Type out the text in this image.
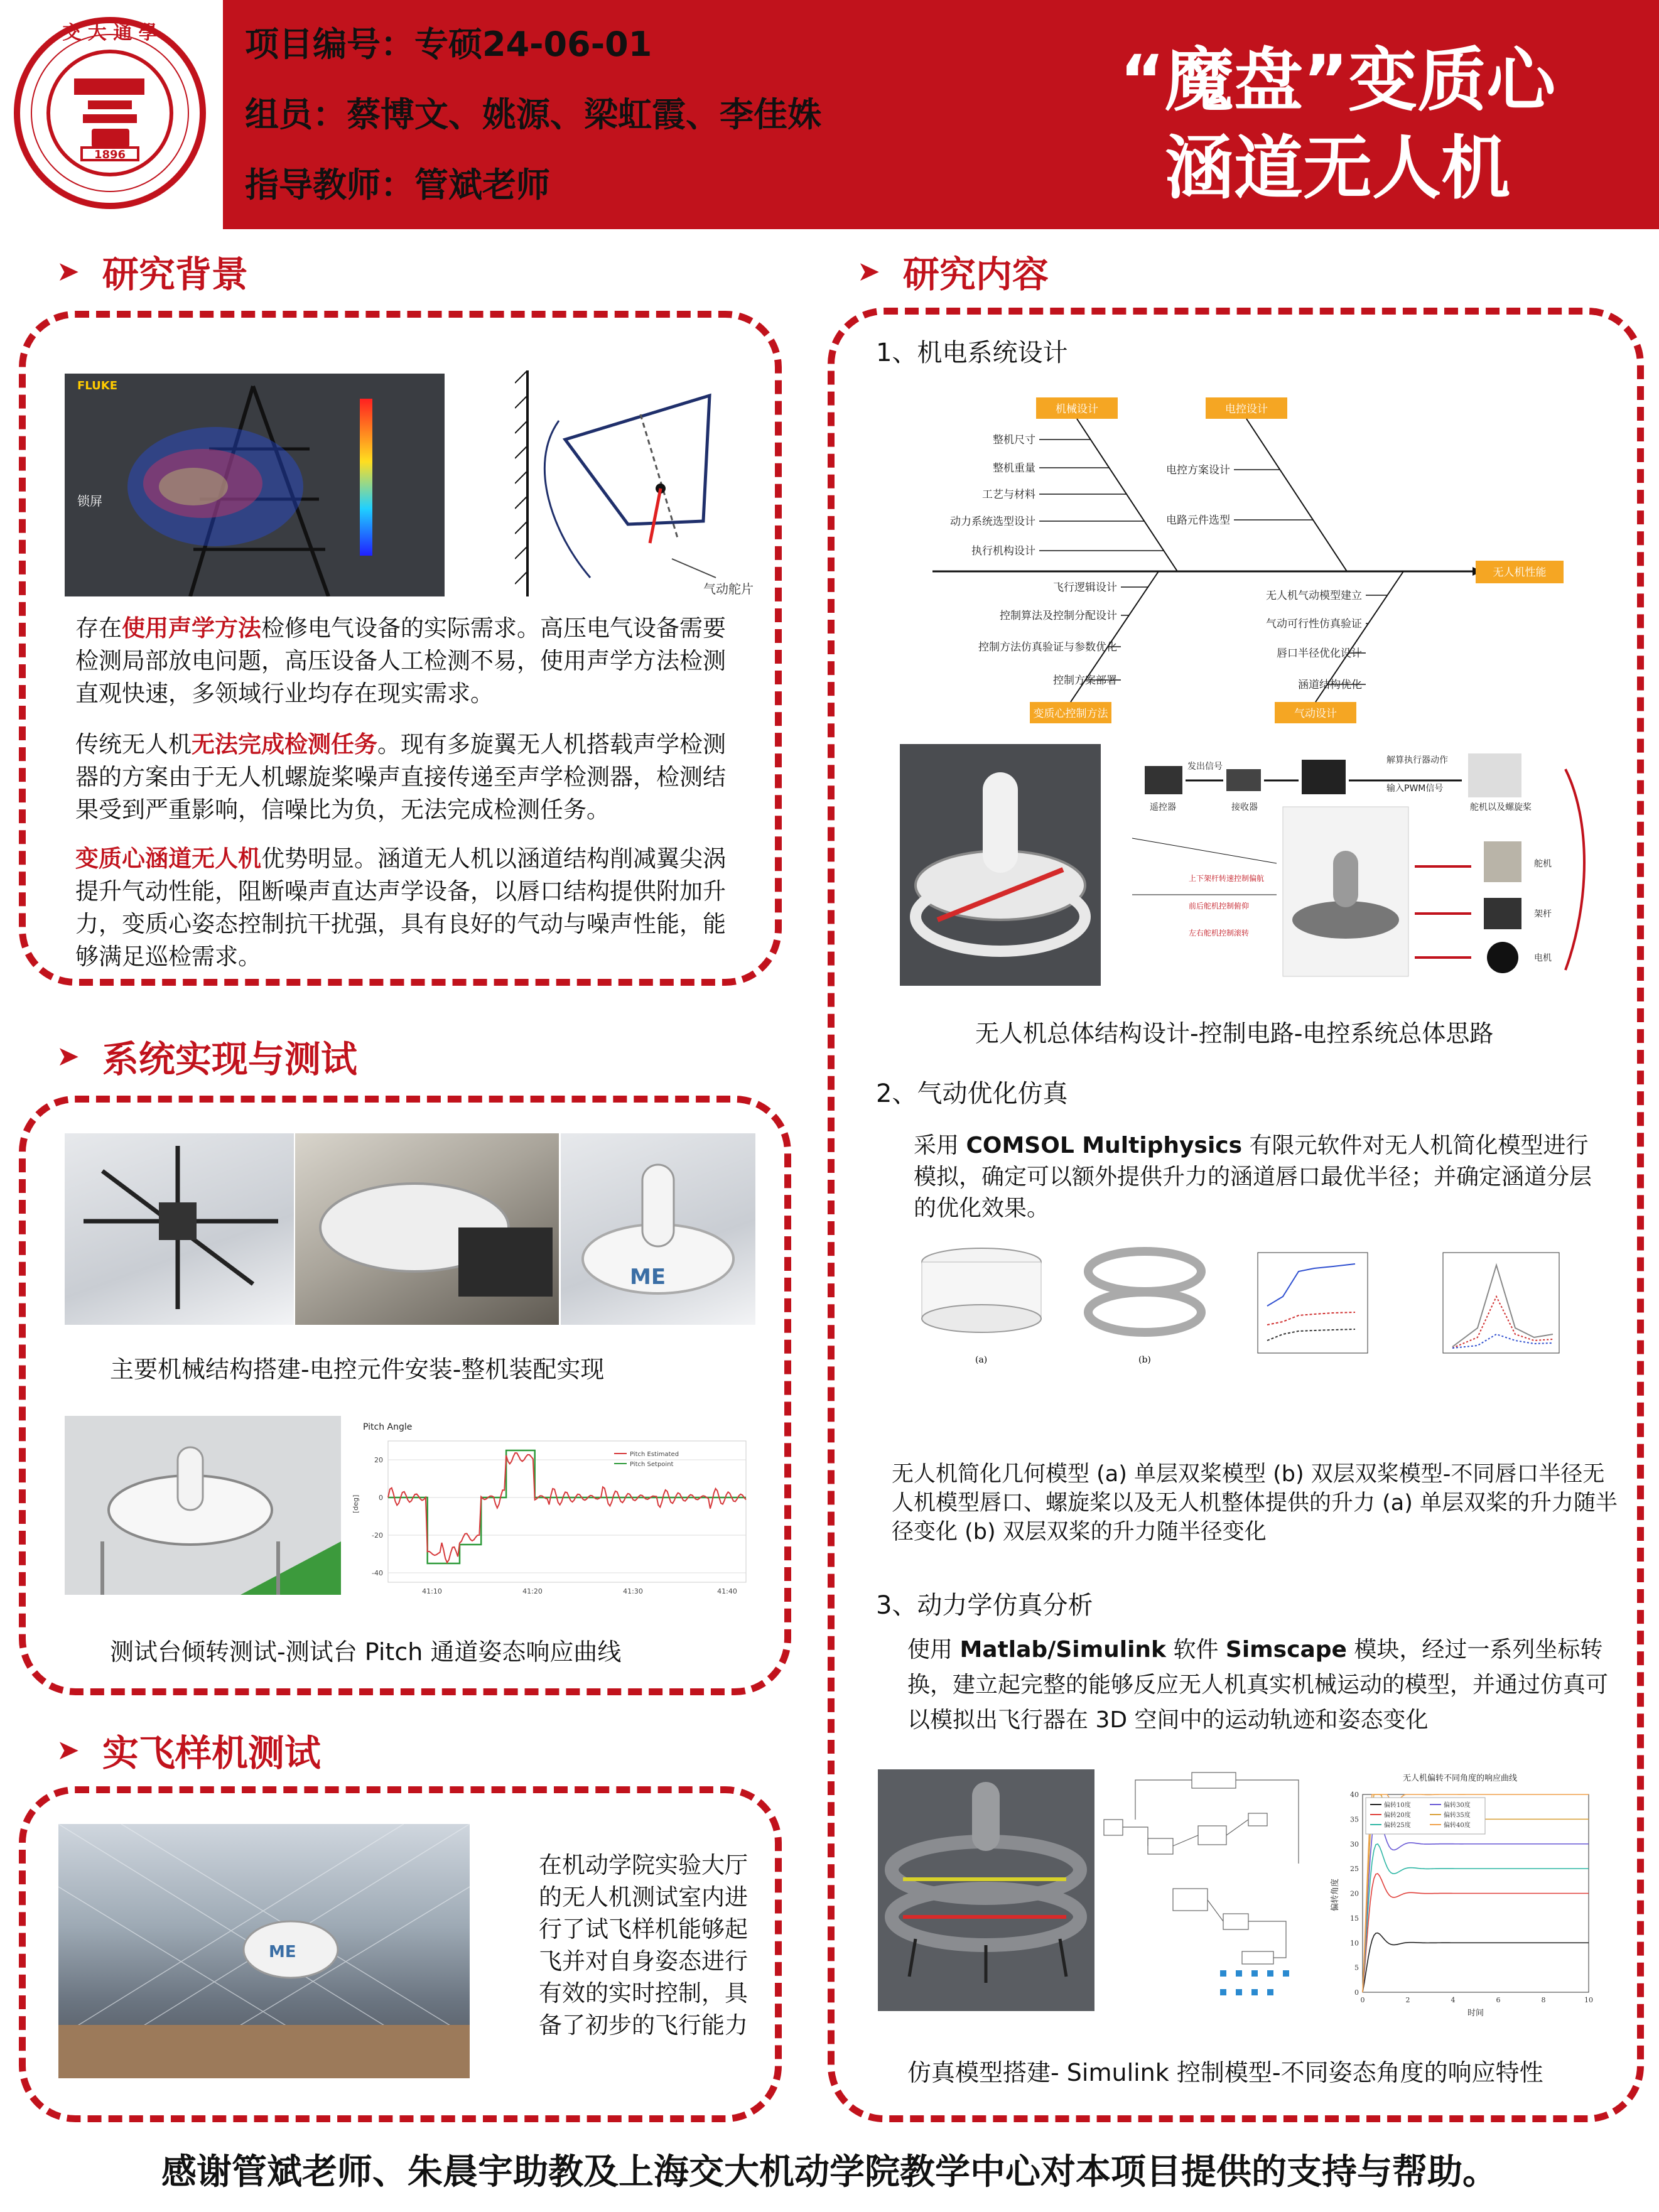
1896
交 大 通 學	项目编号：专硕24-06-01
组员：蔡博文、姚源、梁虹霞、李佳姝
指导教师：管斌老师
“魔盘”变质心
涵道无人机
➤ 研究背景
FLUKE
锁屏
气动舵片
存在使用声学方法检修电气设备的实际需求。高压电气设备需要检测局部放电问题，高压设备人工检测不易，使用声学方法检测直观快速，多领域行业均存在现实需求。
传统无人机无法完成检测任务。现有多旋翼无人机搭载声学检测器的方案由于无人机螺旋桨噪声直接传递至声学检测器，检测结果受到严重影响，信噪比为负，无法完成检测任务。
变质心涵道无人机优势明显。涵道无人机以涵道结构削减翼尖涡提升气动性能，阻断噪声直达声学设备，以唇口结构提供附加升力，变质心姿态控制抗干扰强，具有良好的气动与噪声性能，能够满足巡检需求。
➤ 系统实现与测试
ME
主要机械结构搭建-电控元件安装-整机装配实现
Pitch Angle
20
0
-20
-40
[deg]
41:10	41:20	41:30	41:40
Pitch Estimated
Pitch Setpoint
测试台倾转测试-测试台 Pitch 通道姿态响应曲线
➤ 实飞样机测试
ME
在机动学院实验大厅的无人机测试室内进行了试飞样机能够起飞并对自身姿态进行有效的实时控制，具备了初步的飞行能力
➤ 研究内容
1、机电系统设计
机械设计	电控设计
变质心控制方法	气动设计
无人机性能
整机尺寸
整机重量
工艺与材料
动力系统选型设计
执行机构设计
电控方案设计
电路元件选型
飞行逻辑设计
控制算法及控制分配设计
控制方法仿真验证与参数优化
控制方案部署
无人机气动模型建立
气动可行性仿真验证
唇口半径优化设计
涵道结构优化
遥控器	接收器
发出信号
解算执行器动作
输入PWM信号
舵机以及螺旋桨
舵机
架杆
电机
上下架杆转速控制偏航
前后舵机控制俯仰
左右舵机控制滚转
无人机总体结构设计-控制电路-电控系统总体思路
2、气动优化仿真
采用 COMSOL Multiphysics 有限元软件对无人机简化模型进行模拟，确定可以额外提供升力的涵道唇口最优半径；并确定涵道分层的优化效果。
(a)	(b)
无人机简化几何模型 (a) 单层双桨模型 (b) 双层双桨模型-不同唇口半径无人机模型唇口、螺旋桨以及无人机整体提供的升力 (a) 单层双桨的升力随半径变化 (b) 双层双桨的升力随半径变化
3、动力学仿真分析
使用 Matlab/Simulink 软件 Simscape 模块，经过一系列坐标转换，建立起完整的能够反应无人机真实机械运动的模型，并通过仿真可以模拟出飞行器在 3D 空间中的运动轨迹和姿态变化
无人机偏转不同角度的响应曲线
40
35
30
25
20
15
10
5
0
0	2	4	6	8	10
时间
偏转角度
偏转10度
偏转20度
偏转25度
偏转30度
偏转35度
偏转40度
仿真模型搭建- Simulink 控制模型-不同姿态角度的响应特性
感谢管斌老师、朱晨宇助教及上海交大机动学院教学中心对本项目提供的支持与帮助。
